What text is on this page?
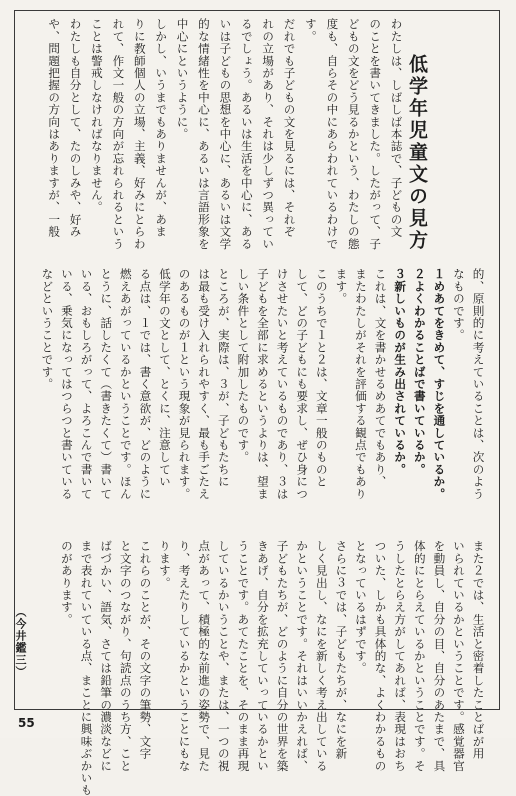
低学年児童文の見方
わたしは、しばしば本誌で、子どもの文
のことを書いてきました。したがって、子
どもの文をどう見るかという、わたしの態
度も、自らその中にあらわれているわけで
す。
だれでも子どもの文を見るには、それぞ
れの立場があり、それは少しずつ異ってい
るでしょう。あるいは生活を中心に、ある
いは子どもの思想を中心に、あるいは文学
的な情緒性を中心に、あるいは言語形象を
中心にというように。
しかし、いうまでもありませんが、あま
りに教師個人の立場、主義、好みにとらわ
れて、作文一般の方向が忘れられるという
ことは警戒しなければなりません。
わたしも自分として、たのしみや、好み
や、問題把握の方向はありますが、一般
的、原則的に考えていることは、次のよう
なものです。
１めあてをきめて、すじを通しているか。
２よくわかることばで書いているか。
３新しいものが生み出されているか。
これは、文を書かせるめあてでもあり、
またわたしがそれを評価する観点でもあり
ます。
このうちで１と２は、文章一般のものと
して、どの子どもにも要求し、ぜひ身につ
けさせたいと考えているものであり、３は
子どもを全部に求めるというよりは、望ま
しい条件として附加したものです。
ところが、実際は、３が、子どもたちに
は最も受け入れられやすく、最も手ごたえ
のあるものが１という現象が見られます。
低学年の文として、とくに、注意してい
る点は、１では、書く意欲が、どのように
燃えあがっているかということです。ほん
とうに、話したくて（書きたくて）書いて
いる、おもしろがって、よろこんで書いて
いる、乗気になってはつらつと書いている
などということです。
また２では、生活と密着したことばが用
いられているかということです。感覚器官
を動員し、自分の目、自分のあたまで、具
体的にとらえているかということです。そ
うしたとらえ方がしてあれば、表現はおち
ついた、しかも具体的な、よくわかるもの
となっているはずです。
さらに３では、子どもたちが、なにを新
しく見出し、なにを新しく考え出している
かということです。それはいいかえれば、
子どもたちが、どのように自分の世界を築
きあげ、自分を拡充していっているかとい
うことです。あてたことを、そのまま再現
しているかいうことや、または、一つの視
点があって、積極的な前進の姿勢で、見た
り、考えたりしているかということにもな
ります。
これらのことが、その文字の筆勢、文字
と文字のつながり、句読点のうち方、こと
ばづかい、語気、さては鉛筆の濃淡などに
まで表れていている点、まことに興味ぶかいも
のがあります。
（今井鑑三）
55
